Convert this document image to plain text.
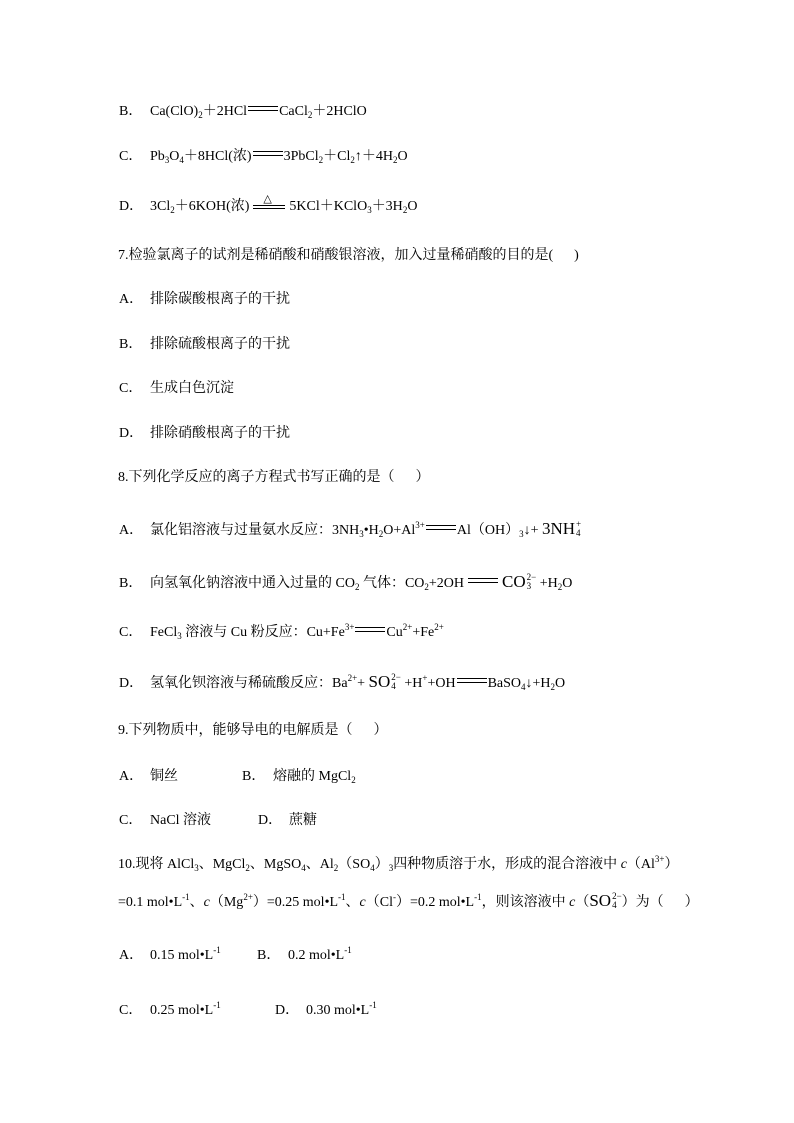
B． Ca(ClO) 2 ＋2HCl CaCl 2 ＋2HClO
C． Pb 3 O 4 ＋8HCl(浓) 3PbCl 2 ＋Cl 2 ↑＋4H 2 O
D． 3Cl 2 ＋6KOH(浓)
△
5KCl＋KClO 3 ＋3H 2 O
7.检验氯离子的试剂是稀硝酸和硝酸银溶液，加入过量稀硝酸的目的是(      )
A． 排除碳酸根离子的干扰
B． 排除硫酸根离子的干扰
C． 生成白色沉淀
D． 排除硝酸根离子的干扰
8.下列化学反应的离子方程式书写正确的是（      ）
A． 氯化铝溶液与过量氨水反应：3NH 3 •H 2 O+Al 3+ Al（OH） 3 ↓+ 3NH +
4
B． 向氢氧化钠溶液中通入过量的 CO 2 气体：CO 2 +2OH CO 2−
3 +H 2 O
C． FeCl 3 溶液与 Cu 粉反应：Cu+Fe 3+ Cu 2+ +Fe 2+
D． 氢氧化钡溶液与稀硫酸反应：Ba 2+ + SO 2−
4 +H + +OH BaSO 4 ↓+H 2 O
9.下列物质中，能够导电的电解质是（      ）
A． 铜丝	B． 熔融的 MgCl 2
C． NaCl 溶液	D． 蔗糖
10.现将 AlCl 3 、MgCl 2 、MgSO 4 、Al 2 （SO 4 ） 3 四种物质溶于水，形成的混合溶液中 c （Al 3+ ）
=0.1 mol•L -1 、 c （Mg 2+ ）=0.25 mol•L -1 、 c （Cl - ）=0.2 mol•L -1 ，则该溶液中 c （ SO 2−
4 ）为（      ）
A． 0.15 mol•L -1	B． 0.2 mol•L -1
C． 0.25 mol•L -1	D． 0.30 mol•L -1
